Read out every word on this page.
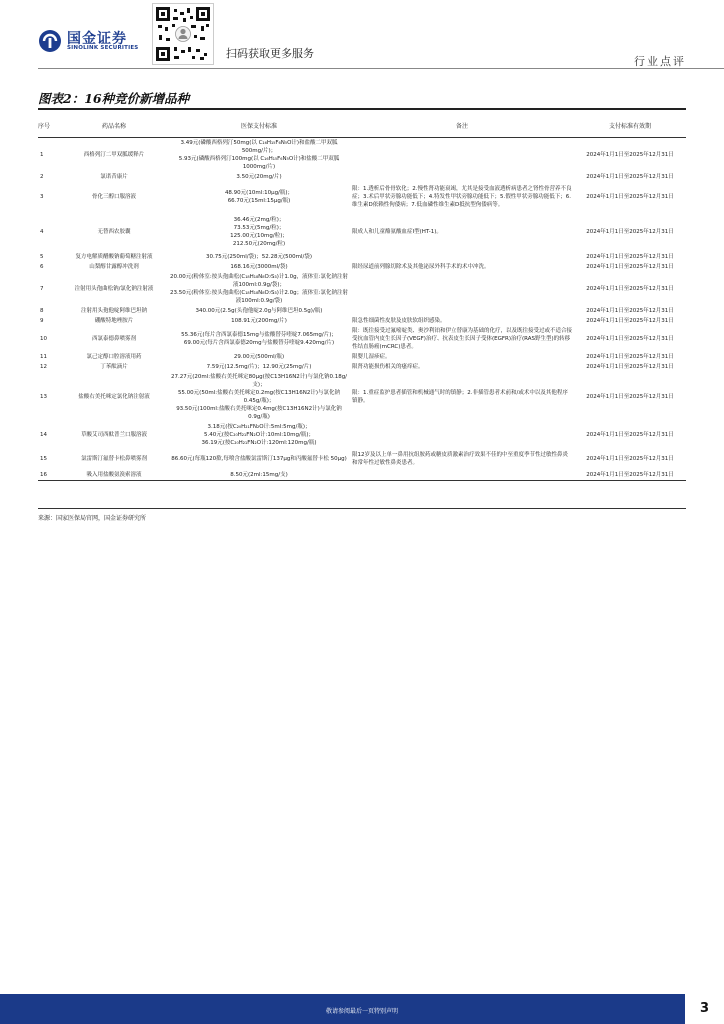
国金证券
SINOLINK SECURITIES	扫码获取更多服务
行业点评
图表2：16种竞价新增品种
序号	药品名称	医保支付标准	备注	支付标准有效期
1	西格列汀二甲双胍缓释片	3.49元(磷酸西格列汀50mg(以 C₁₆H₁₅F₆N₅O计)和盐酸二甲双胍 500mg/片)；
5.93元(磷酸西格列汀100mg(以 C₁₆H₁₅F₆N₅O计)和盐酸二甲双胍1000mg/片)		2024年1月1日至2025年12月31日
2	氯诺昔康片	3.50元(20mg/片)		2024年1月1日至2025年12月31日
3	骨化三醇口服溶液	48.90元(10ml:10μg/瓶)；
66.70元(15ml:15μg/瓶)	限：1.透析后骨骨软化；2.慢性肾功能衰竭，尤其是接受血液透析病患者之肾性骨营养不良症；3.术后甲状旁腺功能低下；4.特发性甲状旁腺功能低下；5.假性甲状旁腺功能低下；6.维生素D依赖性佝偻病；7.低血磷性维生素D抵抗型佝偻病等。	2024年1月1日至2025年12月31日
4	无替西农胶囊	36.46元(2mg/粒)；
73.53元(5mg/粒)；
125.00元(10mg/粒)；
212.50元(20mg/粒)	限成人和儿童酪氨酸血症Ⅰ型(HT-1)。	2024年1月1日至2025年12月31日
5	复方电解质醋酸钠葡萄糖注射液	30.75元(250ml/袋)；52.28元(500ml/袋)		2024年1月1日至2025年12月31日
6	山梨醇甘露醇冲洗剂	168.16元(3000ml/袋)	限经尿道前列腺切除术及其他泌尿外科手术的术中冲洗。	2024年1月1日至2025年12月31日
7	注射用头孢曲松钠/氯化钠注射液	20.00元(粉体室:按头孢曲松(C₁₈H₁₈N₈O₇S₃)计1.0g，液体室:氯化钠注射液100ml:0.9g/袋)；
23.50元(粉体室:按头孢曲松(C₁₈H₁₈N₈O₇S₃)计2.0g；液体室:氯化钠注射液100ml:0.9g/袋)		2024年1月1日至2025年12月31日
8	注射用头孢他啶阿维巴坦钠	340.00元(2.5g(头孢他啶2.0g与阿维巴坦0.5g)/瓶)		2024年1月1日至2025年12月31日
9	硼酸特地唑胺片	108.91元(200mg/片)	限急性细菌性皮肤及皮肤软组织感染。	2024年1月1日至2025年12月31日
10	西氯泰德鼻喷雾剂	55.36元(每片含西氯泰德15mg与盐酸替芬喹啶7.065mg/片)；
69.00元(每片含西氯泰德20mg与盐酸替芬喹啶9.420mg/片)	限：既往接受过氟嘧啶类、奥沙利铂和伊立替康为基础的化疗，以及既往接受过或不适合接受抗血管内皮生长因子(VEGF)治疗、抗表皮生长因子受体(EGFR)治疗(RAS野生型)的转移性结直肠癌(mCRC)患者。	2024年1月1日至2025年12月31日
11	氯己定醇口腔溶液用药	29.00元(500ml/瓶)	限婴儿湿疹症。	2024年1月1日至2025年12月31日
12	丁苯酞滴片	7.59元(12.5mg/片)；12.90元(25mg/片)	限肾功能损伤相关的瘙痒症。	2024年1月1日至2025年12月31日
13	盐酸右美托咪定氯化钠注射液	27.27元(20ml:盐酸右美托咪定80μg(按C13H16N2计)与氯化钠0.18g/支)；
55.00元(50ml:盐酸右美托咪定0.2mg(按C13H16N2计)与氯化钠0.45g/瓶)；
93.50元(100ml:盐酸右美托咪定0.4mg(按C13H16N2计)与氯化钠0.9g/瓶)	限：1.重症监护患者插管和机械通气时的镇静；2.非插管患者术前和/或术中以及其他程序镇静。	2024年1月1日至2025年12月31日
14	草酸艾司西酞普兰口服溶液	3.18元(按C₂₀H₂₁FN₂O计:5ml:5mg/瓶)；
5.40元(按C₂₀H₂₁FN₂O计:10ml:10mg/瓶)；
36.19元(按C₂₀H₂₁FN₂O计:120ml:120mg/瓶)		2024年1月1日至2025年12月31日
15	氯雷斯汀氟替卡松鼻喷雾剂	86.60元(每瓶120揿,每喷含盐酸氯雷斯汀137μg和丙酸氟替卡松 50μg)	限12岁及以上单一鼻用抗组胺药或糖皮质激素治疗效果不佳的中至重度季节性过敏性鼻炎和常年性过敏性鼻炎患者。	2024年1月1日至2025年12月31日
16	吸入用盐酸氨溴索溶液	8.50元(2ml:15mg/支)		2024年1月1日至2025年12月31日
来源：国家医保局官网，国金证券研究所
敬请参阅最后一页特别声明	3
